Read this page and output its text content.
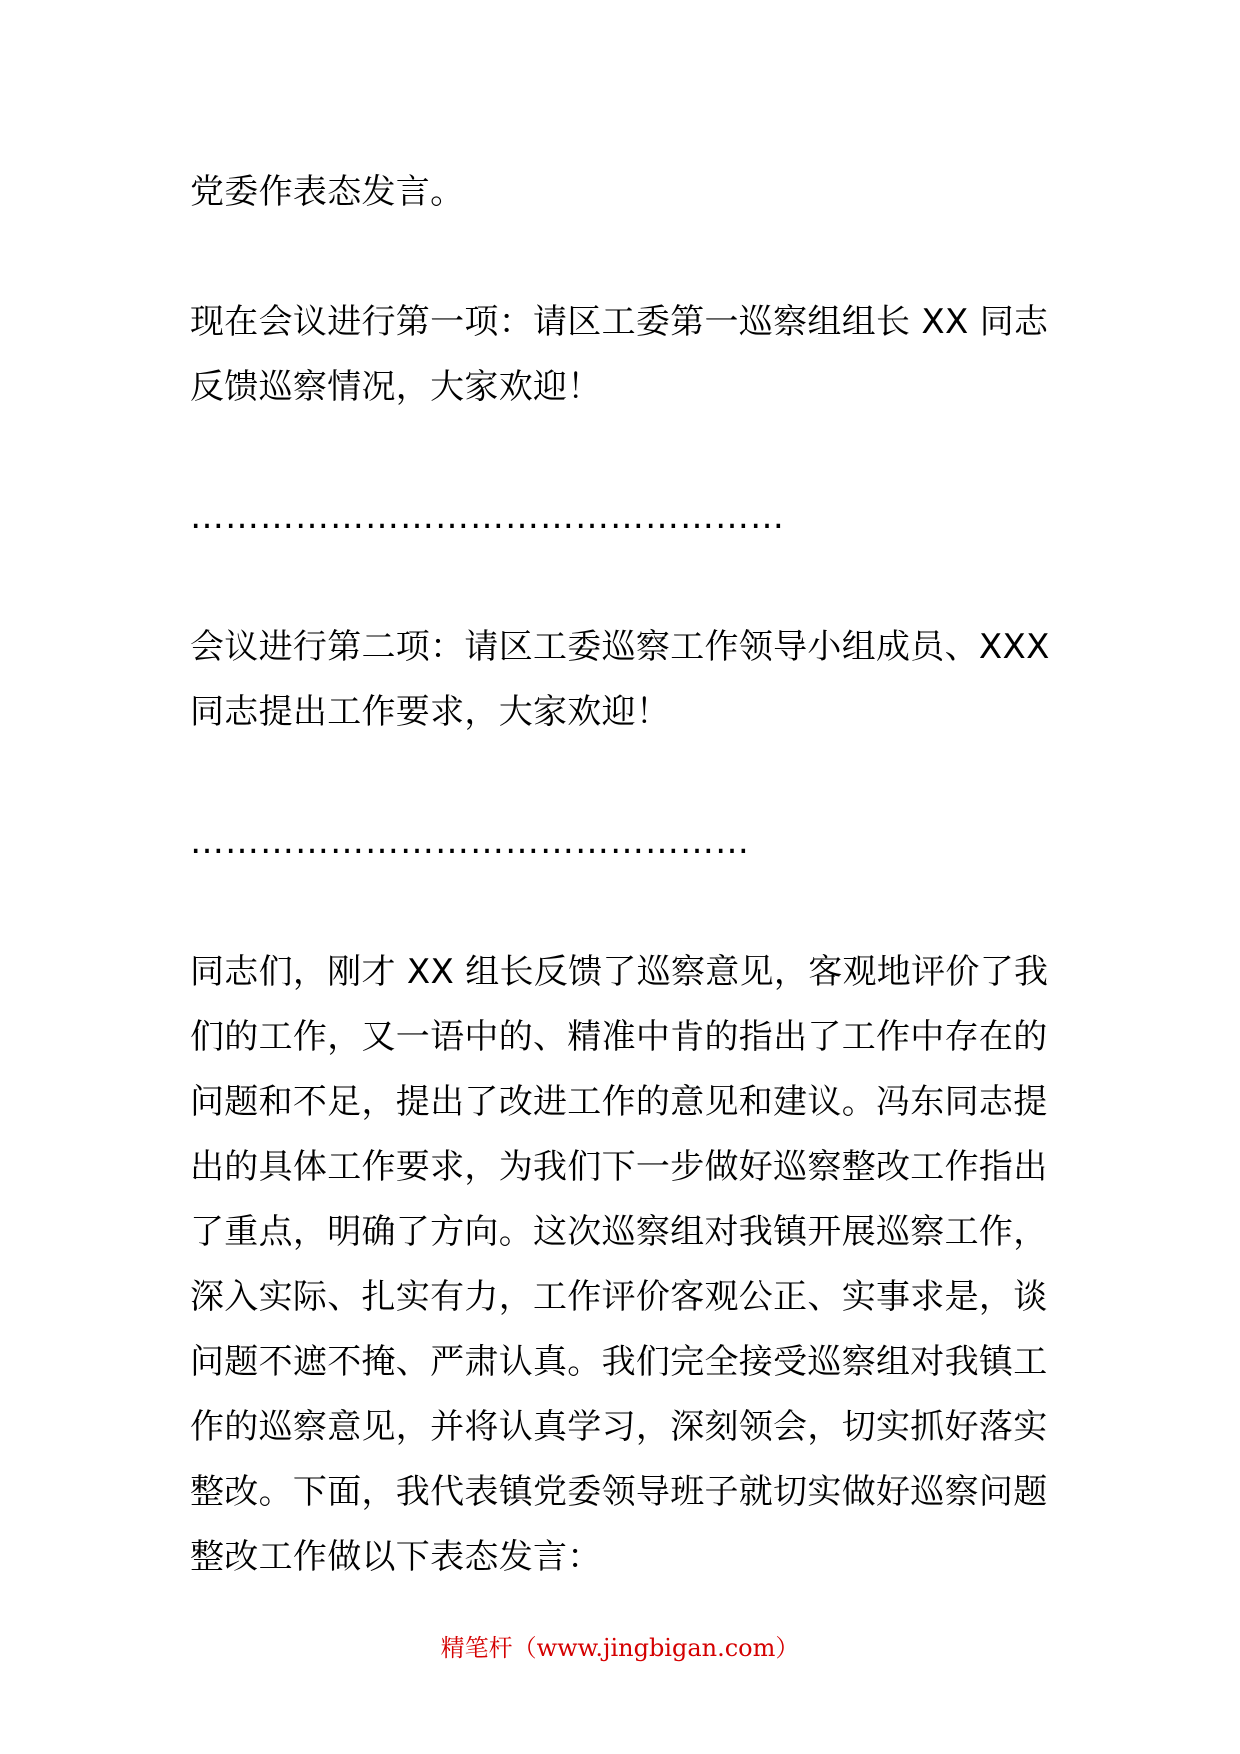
党委作表态发言。

现在会议进行第一项：请区工委第一巡察组组长 XX 同志反馈巡察情况，大家欢迎！

……………………………………………

会议进行第二项：请区工委巡察工作领导小组成员、XXX 同志提出工作要求，大家欢迎！

…………………………………………

同志们，刚才 XX 组长反馈了巡察意见，客观地评价了我们的工作，又一语中的、精准中肯的指出了工作中存在的问题和不足，提出了改进工作的意见和建议。冯东同志提出的具体工作要求，为我们下一步做好巡察整改工作指出了重点，明确了方向。这次巡察组对我镇开展巡察工作，深入实际、扎实有力，工作评价客观公正、实事求是，谈问题不遮不掩、严肃认真。我们完全接受巡察组对我镇工作的巡察意见，并将认真学习，深刻领会，切实抓好落实整改。下面，我代表镇党委领导班子就切实做好巡察问题整改工作做以下表态发言：

精笔杆（www.jingbigan.com）
